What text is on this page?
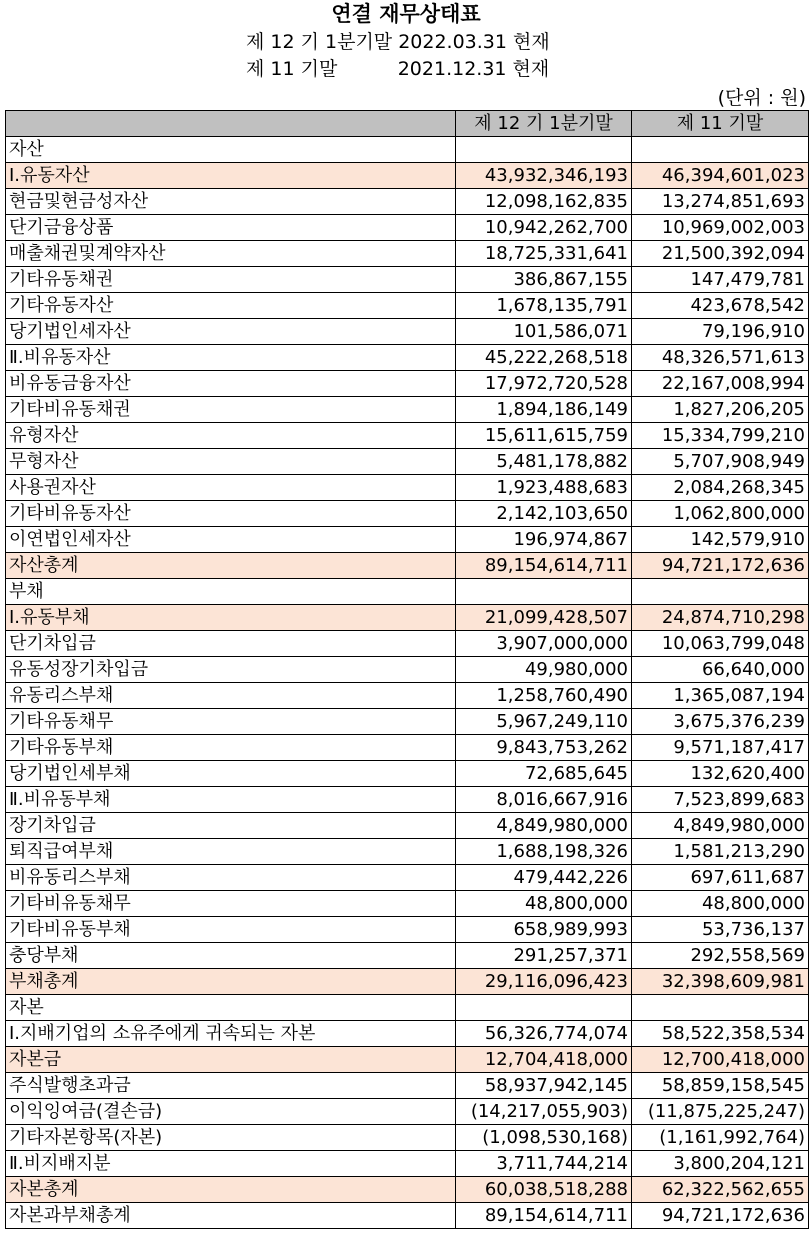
연결 재무상태표
제 12 기 1분기말 2022.03.31 현재
제 11 기말          2021.12.31 현재
(단위 : 원)
	제 12 기 1분기말	제 11 기말
자산		
Ⅰ.유동자산	43,932,346,193	46,394,601,023
현금및현금성자산	12,098,162,835	13,274,851,693
단기금융상품	10,942,262,700	10,969,002,003
매출채권및계약자산	18,725,331,641	21,500,392,094
기타유동채권	386,867,155	147,479,781
기타유동자산	1,678,135,791	423,678,542
당기법인세자산	101,586,071	79,196,910
Ⅱ.비유동자산	45,222,268,518	48,326,571,613
비유동금융자산	17,972,720,528	22,167,008,994
기타비유동채권	1,894,186,149	1,827,206,205
유형자산	15,611,615,759	15,334,799,210
무형자산	5,481,178,882	5,707,908,949
사용권자산	1,923,488,683	2,084,268,345
기타비유동자산	2,142,103,650	1,062,800,000
이연법인세자산	196,974,867	142,579,910
자산총계	89,154,614,711	94,721,172,636
부채		
Ⅰ.유동부채	21,099,428,507	24,874,710,298
단기차입금	3,907,000,000	10,063,799,048
유동성장기차입금	49,980,000	66,640,000
유동리스부채	1,258,760,490	1,365,087,194
기타유동채무	5,967,249,110	3,675,376,239
기타유동부채	9,843,753,262	9,571,187,417
당기법인세부채	72,685,645	132,620,400
Ⅱ.비유동부채	8,016,667,916	7,523,899,683
장기차입금	4,849,980,000	4,849,980,000
퇴직급여부채	1,688,198,326	1,581,213,290
비유동리스부채	479,442,226	697,611,687
기타비유동채무	48,800,000	48,800,000
기타비유동부채	658,989,993	53,736,137
충당부채	291,257,371	292,558,569
부채총계	29,116,096,423	32,398,609,981
자본		
Ⅰ.지배기업의 소유주에게 귀속되는 자본	56,326,774,074	58,522,358,534
자본금	12,704,418,000	12,700,418,000
주식발행초과금	58,937,942,145	58,859,158,545
이익잉여금(결손금)	(14,217,055,903)	(11,875,225,247)
기타자본항목(자본)	(1,098,530,168)	(1,161,992,764)
Ⅱ.비지배지분	3,711,744,214	3,800,204,121
자본총계	60,038,518,288	62,322,562,655
자본과부채총계	89,154,614,711	94,721,172,636
